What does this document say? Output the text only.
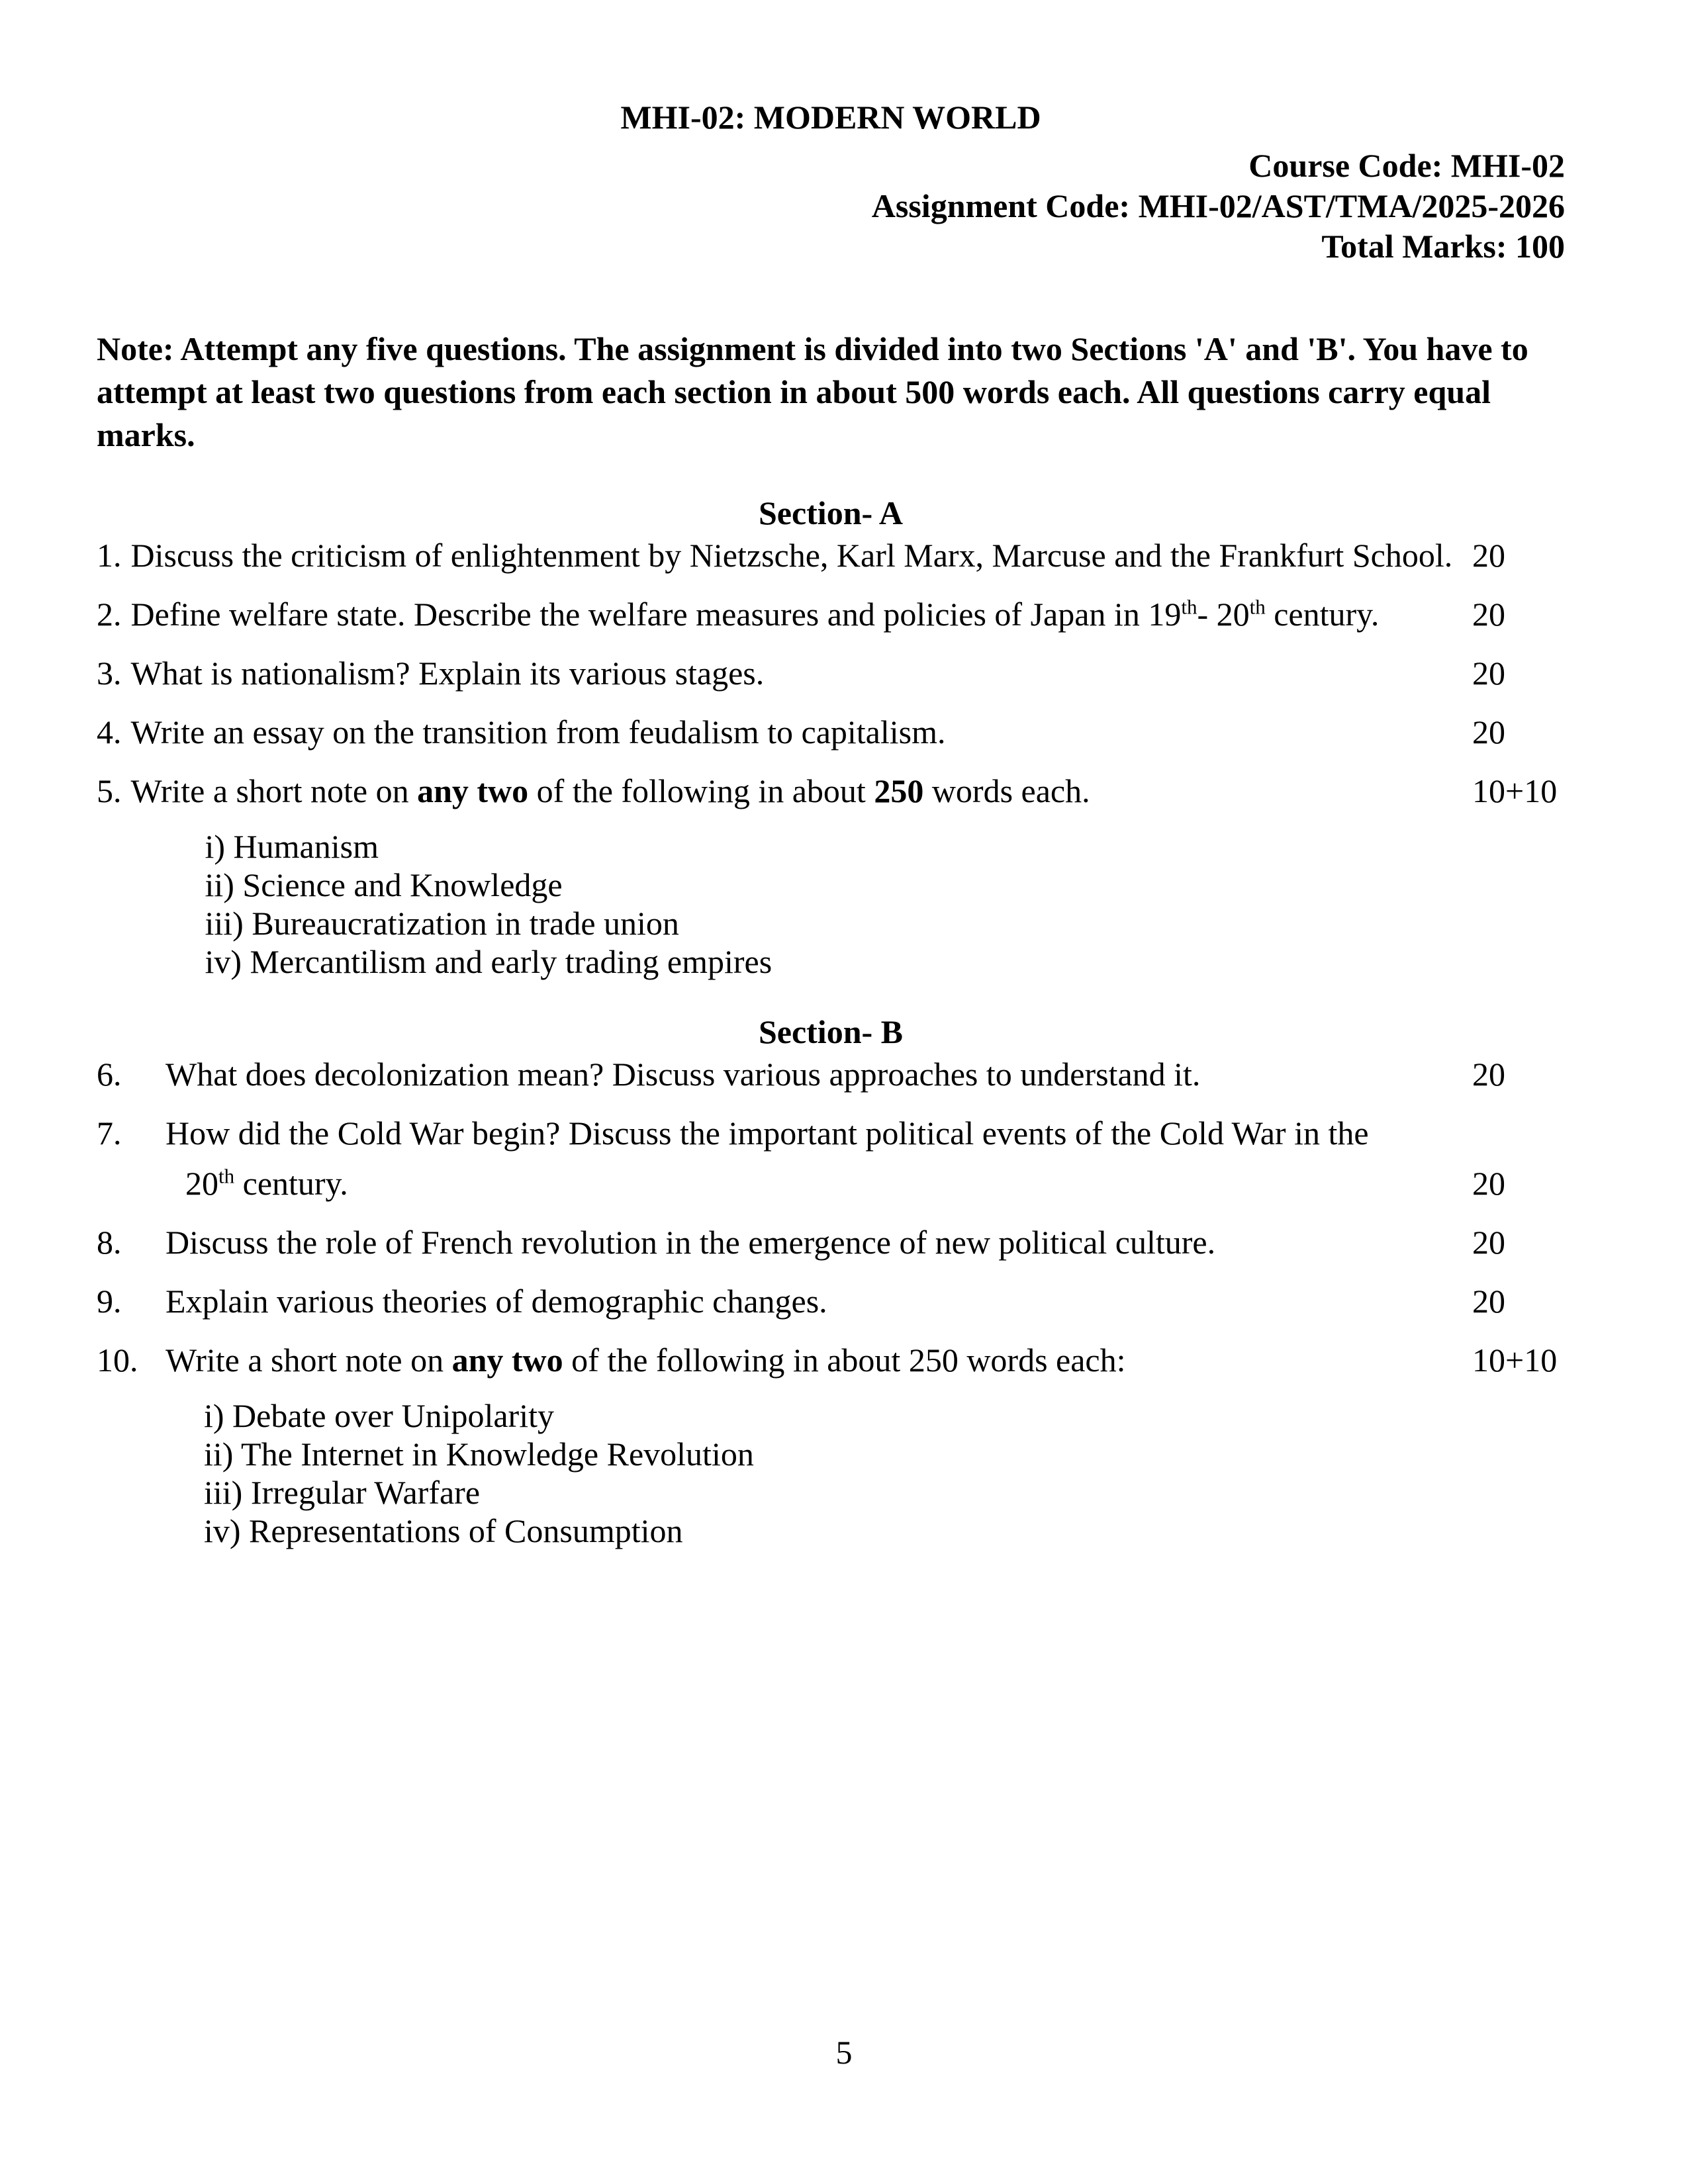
MHI-02: MODERN WORLD
Course Code: MHI-02
Assignment Code: MHI-02/AST/TMA/2025-2026
Total Marks: 100

Note: Attempt any five questions. The assignment is divided into two Sections 'A' and 'B'. You have to attempt at least two questions from each section in about 500 words each. All questions carry equal marks.

Section- A
1. Discuss the criticism of enlightenment by Nietzsche, Karl Marx, Marcuse and the Frankfurt School. 20
2. Define welfare state. Describe the welfare measures and policies of Japan in 19th- 20th century.	20
3. What is nationalism? Explain its various stages.	20
4. Write an essay on the transition from feudalism to capitalism.	20
5. Write a short note on any two of the following in about 250 words each.	10+10
i) Humanism
ii) Science and Knowledge
iii) Bureaucratization in trade union
iv) Mercantilism and early trading empires
Section- B
6.	What does decolonization mean? Discuss various approaches to understand it.	20
7.	How did the Cold War begin? Discuss the important political events of the Cold War in the
20th century.	20
8.	Discuss the role of French revolution in the emergence of new political culture.	20
9.	Explain various theories of demographic changes.	20
10. Write a short note on any two of the following in about 250 words each:	10+10
i) Debate over Unipolarity
ii) The Internet in Knowledge Revolution
iii) Irregular Warfare
iv) Representations of Consumption
5
